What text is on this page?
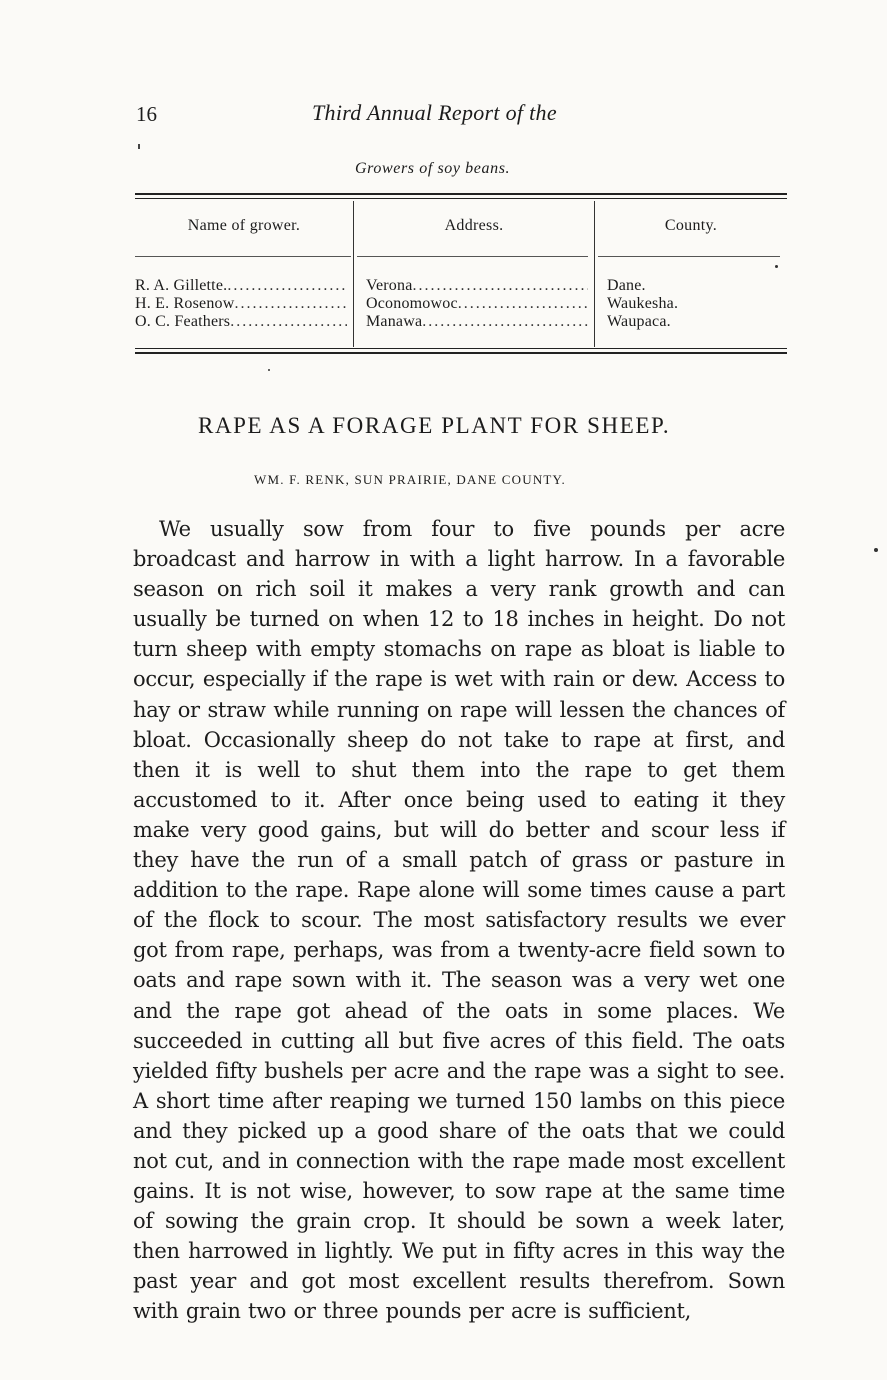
16	Third Annual Report of the
Growers of soy beans.
Name of grower.	Address.	County.
R. A. Gillette. . . .	Verona . . .	Dane.
H. E. Rosenow . . .	Oconomowoc . . .	Waukesha.
O. C. Feathers . . .	Manawa . . .	Waupaca.
RAPE AS A FORAGE PLANT FOR SHEEP.
WM. F. RENK, SUN PRAIRIE, DANE COUNTY.

We usually sow from four to five pounds per acre broadcast and harrow in with a light harrow. In a favorable season on rich soil it makes a very rank growth and can usually be turned on when 12 to 18 inches in height. Do not turn sheep with empty stomachs on rape as bloat is liable to occur, especially if the rape is wet with rain or dew. Access to hay or straw while running on rape will lessen the chances of bloat. Occasionally sheep do not take to rape at first, and then it is well to shut them into the rape to get them accustomed to it. After once being used to eating it they make very good gains, but will do better and scour less if they have the run of a small patch of grass or pasture in addition to the rape. Rape alone will some times cause a part of the flock to scour. The most satisfactory results we ever got from rape, perhaps, was from a twenty-acre field sown to oats and rape sown with it. The season was a very wet one and the rape got ahead of the oats in some places. We succeeded in cutting all but five acres of this field. The oats yielded fifty bushels per acre and the rape was a sight to see. A short time after reaping we turned 150 lambs on this piece and they picked up a good share of the oats that we could not cut, and in connection with the rape made most excellent gains. It is not wise, however, to sow rape at the same time of sowing the grain crop. It should be sown a week later, then harrowed in lightly. We put in fifty acres in this way the past year and got most excellent results therefrom. Sown with grain two or three pounds per acre is sufficient,
